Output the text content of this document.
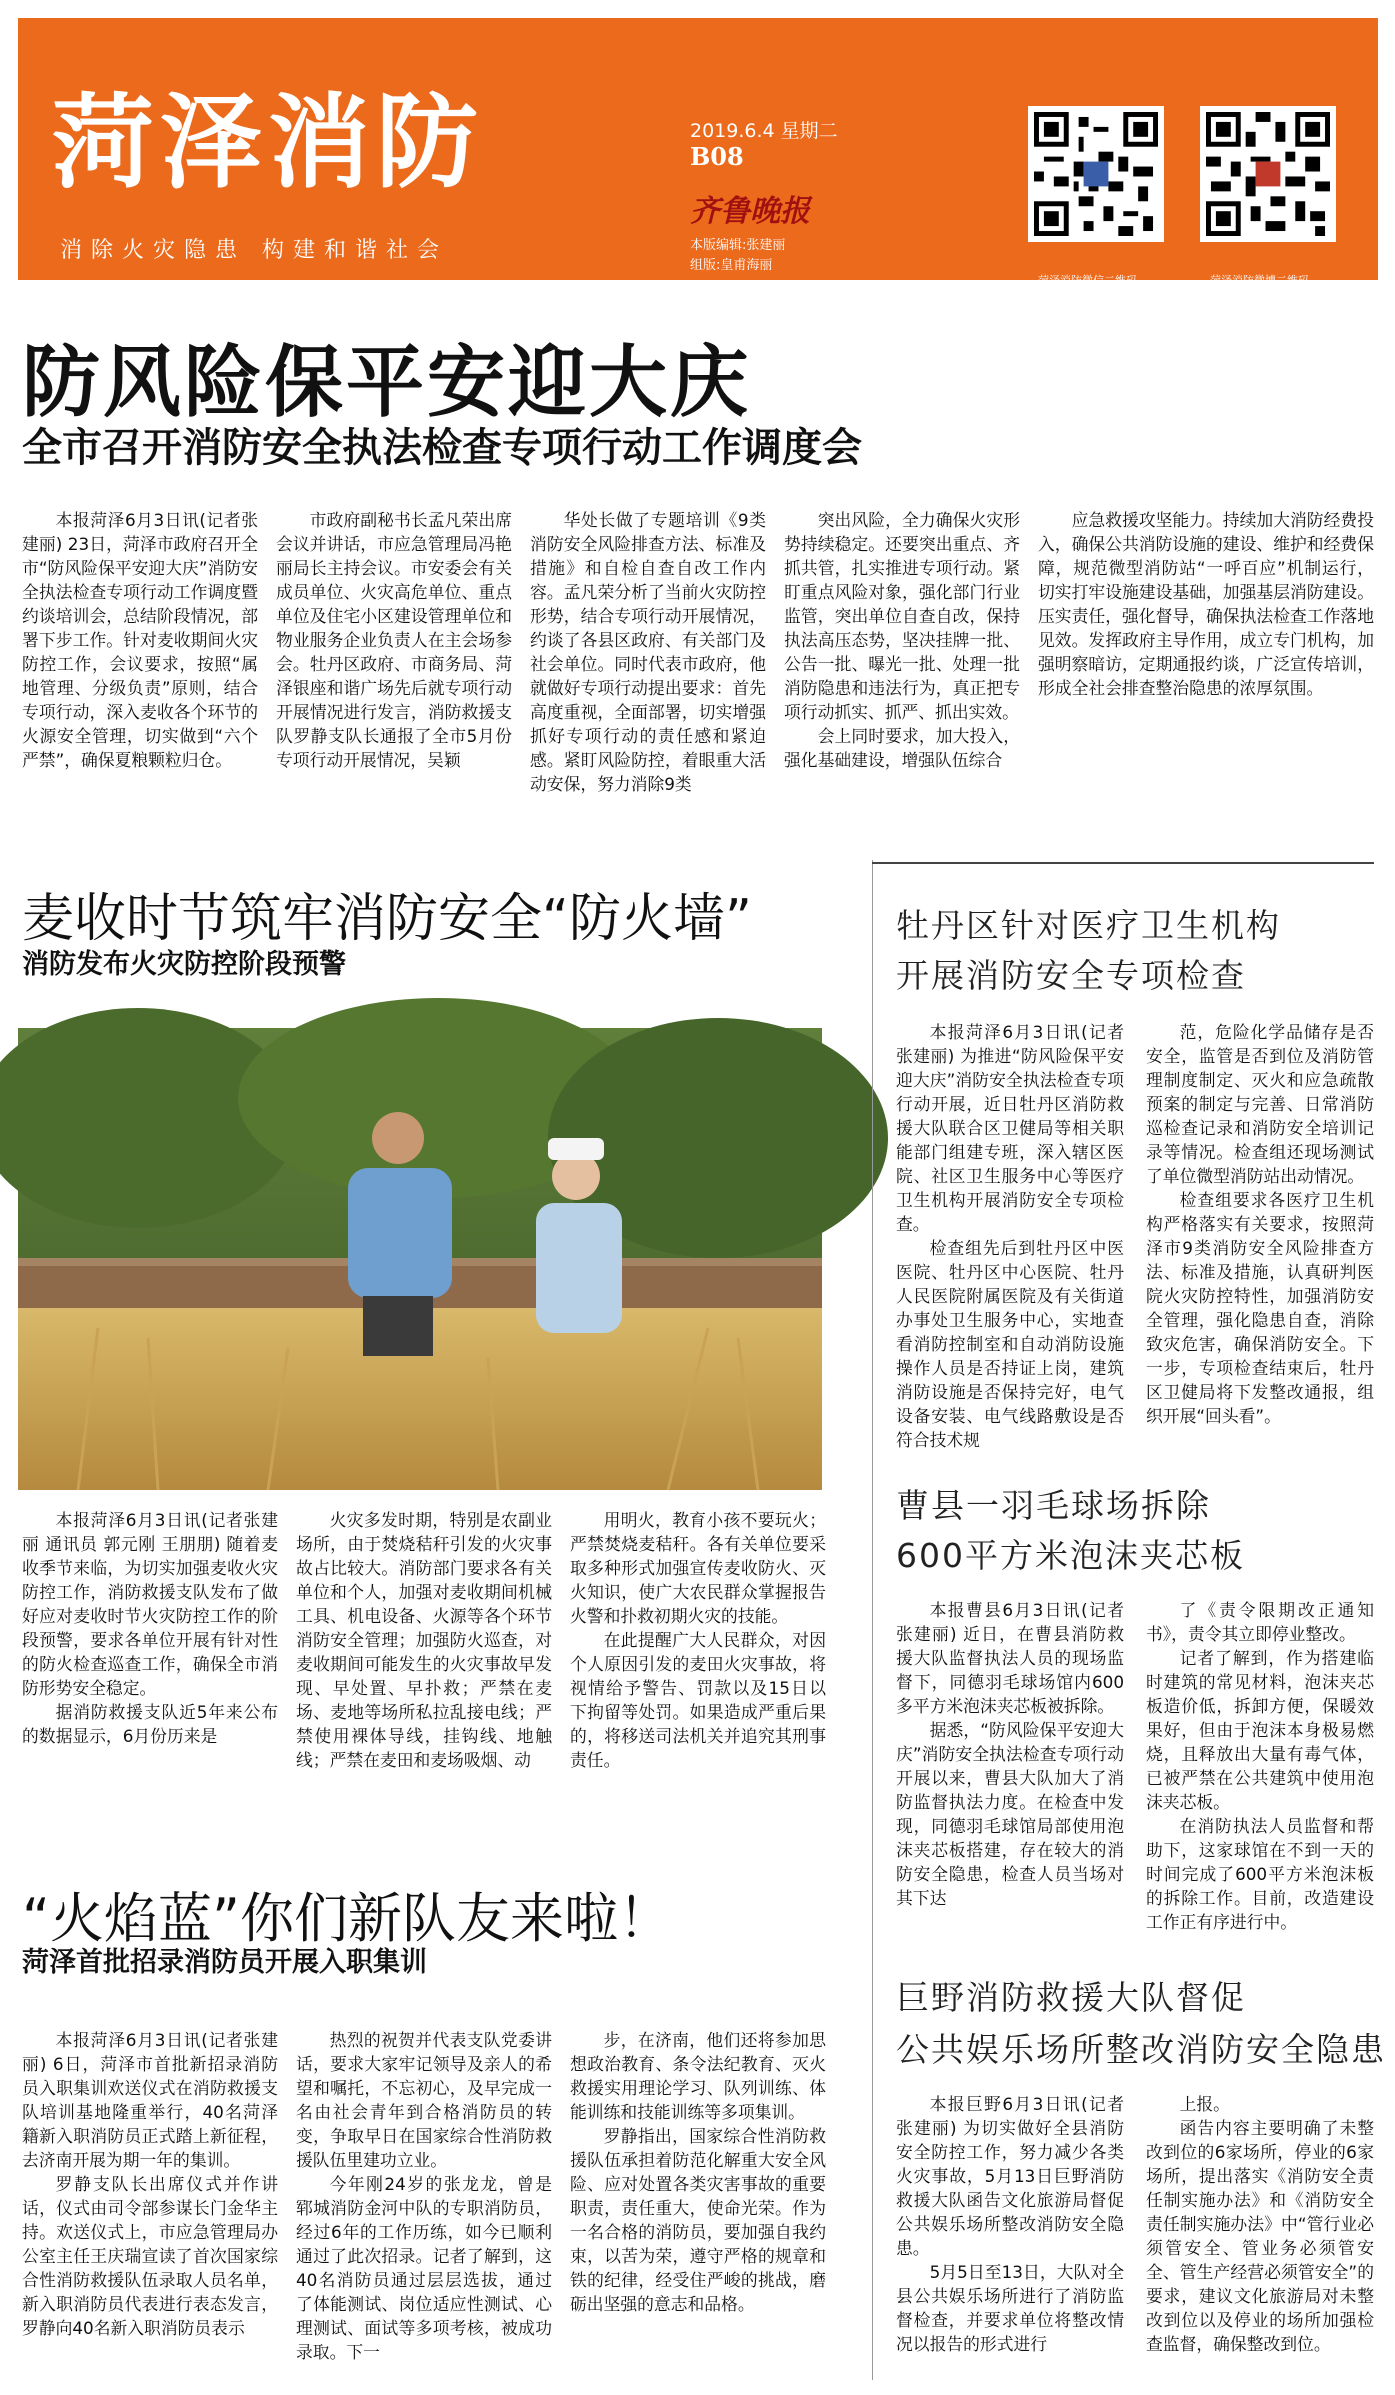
菏泽消防
消除火灾隐患 构建和谐社会
2019.6.4 星期二
B08
齐鲁晚报
本版编辑:张建丽
组版:皇甫海丽
菏泽消防微信二维码	菏泽消防微博二维码
防风险保平安迎大庆
全市召开消防安全执法检查专项行动工作调度会

本报菏泽6月3日讯(记者张建丽) 23日，菏泽市政府召开全市“防风险保平安迎大庆”消防安全执法检查专项行动工作调度暨约谈培训会，总结阶段情况，部署下步工作。针对麦收期间火灾防控工作，会议要求，按照“属地管理、分级负责”原则，结合专项行动，深入麦收各个环节的火源安全管理，切实做到“六个严禁”，确保夏粮颗粒归仓。

市政府副秘书长孟凡荣出席会议并讲话，市应急管理局冯艳丽局长主持会议。市安委会有关成员单位、火灾高危单位、重点单位及住宅小区建设管理单位和物业服务企业负责人在主会场参会。牡丹区政府、市商务局、菏泽银座和谐广场先后就专项行动开展情况进行发言，消防救援支队罗静支队长通报了全市5月份专项行动开展情况，吴颖

华处长做了专题培训《9类消防安全风险排查方法、标准及措施》和自检自查自改工作内容。孟凡荣分析了当前火灾防控形势，结合专项行动开展情况，约谈了各县区政府、有关部门及社会单位。同时代表市政府，他就做好专项行动提出要求：首先高度重视，全面部署，切实增强抓好专项行动的责任感和紧迫感。紧盯风险防控，着眼重大活动安保，努力消除9类

突出风险，全力确保火灾形势持续稳定。还要突出重点、齐抓共管，扎实推进专项行动。紧盯重点风险对象，强化部门行业监管，突出单位自查自改，保持执法高压态势，坚决挂牌一批、公告一批、曝光一批、处理一批消防隐患和违法行为，真正把专项行动抓实、抓严、抓出实效。

会上同时要求，加大投入，强化基础建设，增强队伍综合

应急救援攻坚能力。持续加大消防经费投入，确保公共消防设施的建设、维护和经费保障，规范微型消防站“一呼百应”机制运行，切实打牢设施建设基础，加强基层消防建设。压实责任，强化督导，确保执法检查工作落地见效。发挥政府主导作用，成立专门机构，加强明察暗访，定期通报约谈，广泛宣传培训，形成全社会排查整治隐患的浓厚氛围。

麦收时节筑牢消防安全“防火墙”
消防发布火灾防控阶段预警

本报菏泽6月3日讯(记者张建丽 通讯员 郭元刚 王朋朋) 随着麦收季节来临，为切实加强麦收火灾防控工作，消防救援支队发布了做好应对麦收时节火灾防控工作的阶段预警，要求各单位开展有针对性的防火检查巡查工作，确保全市消防形势安全稳定。

据消防救援支队近5年来公布的数据显示，6月份历来是

火灾多发时期，特别是农副业场所，由于焚烧秸秆引发的火灾事故占比较大。消防部门要求各有关单位和个人，加强对麦收期间机械工具、机电设备、火源等各个环节消防安全管理；加强防火巡查，对麦收期间可能发生的火灾事故早发现、早处置、早扑救；严禁在麦场、麦地等场所私拉乱接电线；严禁使用裸体导线，挂钩线、地触线；严禁在麦田和麦场吸烟、动

用明火，教育小孩不要玩火；严禁焚烧麦秸秆。各有关单位要采取多种形式加强宣传麦收防火、灭火知识，使广大农民群众掌握报告火警和扑救初期火灾的技能。

在此提醒广大人民群众，对因个人原因引发的麦田火灾事故，将视情给予警告、罚款以及15日以下拘留等处罚。如果造成严重后果的，将移送司法机关并追究其刑事责任。

“火焰蓝”你们新队友来啦！
菏泽首批招录消防员开展入职集训

本报菏泽6月3日讯(记者张建丽) 6日，菏泽市首批新招录消防员入职集训欢送仪式在消防救援支队培训基地隆重举行，40名菏泽籍新入职消防员正式踏上新征程，去济南开展为期一年的集训。

罗静支队长出席仪式并作讲话，仪式由司令部参谋长门金华主持。欢送仪式上，市应急管理局办公室主任王庆瑞宣读了首次国家综合性消防救援队伍录取人员名单，新入职消防员代表进行表态发言，罗静向40名新入职消防员表示

热烈的祝贺并代表支队党委讲话，要求大家牢记领导及亲人的希望和嘱托，不忘初心，及早完成一名由社会青年到合格消防员的转变，争取早日在国家综合性消防救援队伍里建功立业。

今年刚24岁的张龙龙，曾是郓城消防金河中队的专职消防员，经过6年的工作历练，如今已顺利通过了此次招录。记者了解到，这40名消防员通过层层选拔，通过了体能测试、岗位适应性测试、心理测试、面试等多项考核，被成功录取。下一

步，在济南，他们还将参加思想政治教育、条令法纪教育、灭火救援实用理论学习、队列训练、体能训练和技能训练等多项集训。

罗静指出，国家综合性消防救援队伍承担着防范化解重大安全风险、应对处置各类灾害事故的重要职责，责任重大，使命光荣。作为一名合格的消防员，要加强自我约束，以苦为荣，遵守严格的规章和铁的纪律，经受住严峻的挑战，磨砺出坚强的意志和品格。

牡丹区针对医疗卫生机构
开展消防安全专项检查

本报菏泽6月3日讯(记者张建丽) 为推进“防风险保平安迎大庆”消防安全执法检查专项行动开展，近日牡丹区消防救援大队联合区卫健局等相关职能部门组建专班，深入辖区医院、社区卫生服务中心等医疗卫生机构开展消防安全专项检查。

检查组先后到牡丹区中医医院、牡丹区中心医院、牡丹人民医院附属医院及有关街道办事处卫生服务中心，实地查看消防控制室和自动消防设施操作人员是否持证上岗，建筑消防设施是否保持完好，电气设备安装、电气线路敷设是否符合技术规

范，危险化学品储存是否安全，监管是否到位及消防管理制度制定、灭火和应急疏散预案的制定与完善、日常消防巡检查记录和消防安全培训记录等情况。检查组还现场测试了单位微型消防站出动情况。

检查组要求各医疗卫生机构严格落实有关要求，按照菏泽市9类消防安全风险排查方法、标准及措施，认真研判医院火灾防控特性，加强消防安全管理，强化隐患自查，消除致灾危害，确保消防安全。下一步，专项检查结束后，牡丹区卫健局将下发整改通报，组织开展“回头看”。

曹县一羽毛球场拆除
600平方米泡沫夹芯板

本报曹县6月3日讯(记者张建丽) 近日，在曹县消防救援大队监督执法人员的现场监督下，同德羽毛球场馆内600多平方米泡沫夹芯板被拆除。

据悉，“防风险保平安迎大庆”消防安全执法检查专项行动开展以来，曹县大队加大了消防监督执法力度。在检查中发现，同德羽毛球馆局部使用泡沫夹芯板搭建，存在较大的消防安全隐患，检查人员当场对其下达

了《责令限期改正通知书》，责令其立即停业整改。

记者了解到，作为搭建临时建筑的常见材料，泡沫夹芯板造价低，拆卸方便，保暖效果好，但由于泡沫本身极易燃烧，且释放出大量有毒气体，已被严禁在公共建筑中使用泡沫夹芯板。

在消防执法人员监督和帮助下，这家球馆在不到一天的时间完成了600平方米泡沫板的拆除工作。目前，改造建设工作正有序进行中。

巨野消防救援大队督促
公共娱乐场所整改消防安全隐患

本报巨野6月3日讯(记者张建丽) 为切实做好全县消防安全防控工作，努力减少各类火灾事故，5月13日巨野消防救援大队函告文化旅游局督促公共娱乐场所整改消防安全隐患。

5月5日至13日，大队对全县公共娱乐场所进行了消防监督检查，并要求单位将整改情况以报告的形式进行

上报。

函告内容主要明确了未整改到位的6家场所，停业的6家场所，提出落实《消防安全责任制实施办法》和《消防安全责任制实施办法》中“管行业必须管安全、管业务必须管安全、管生产经营必须管安全”的要求，建议文化旅游局对未整改到位以及停业的场所加强检查监督，确保整改到位。
